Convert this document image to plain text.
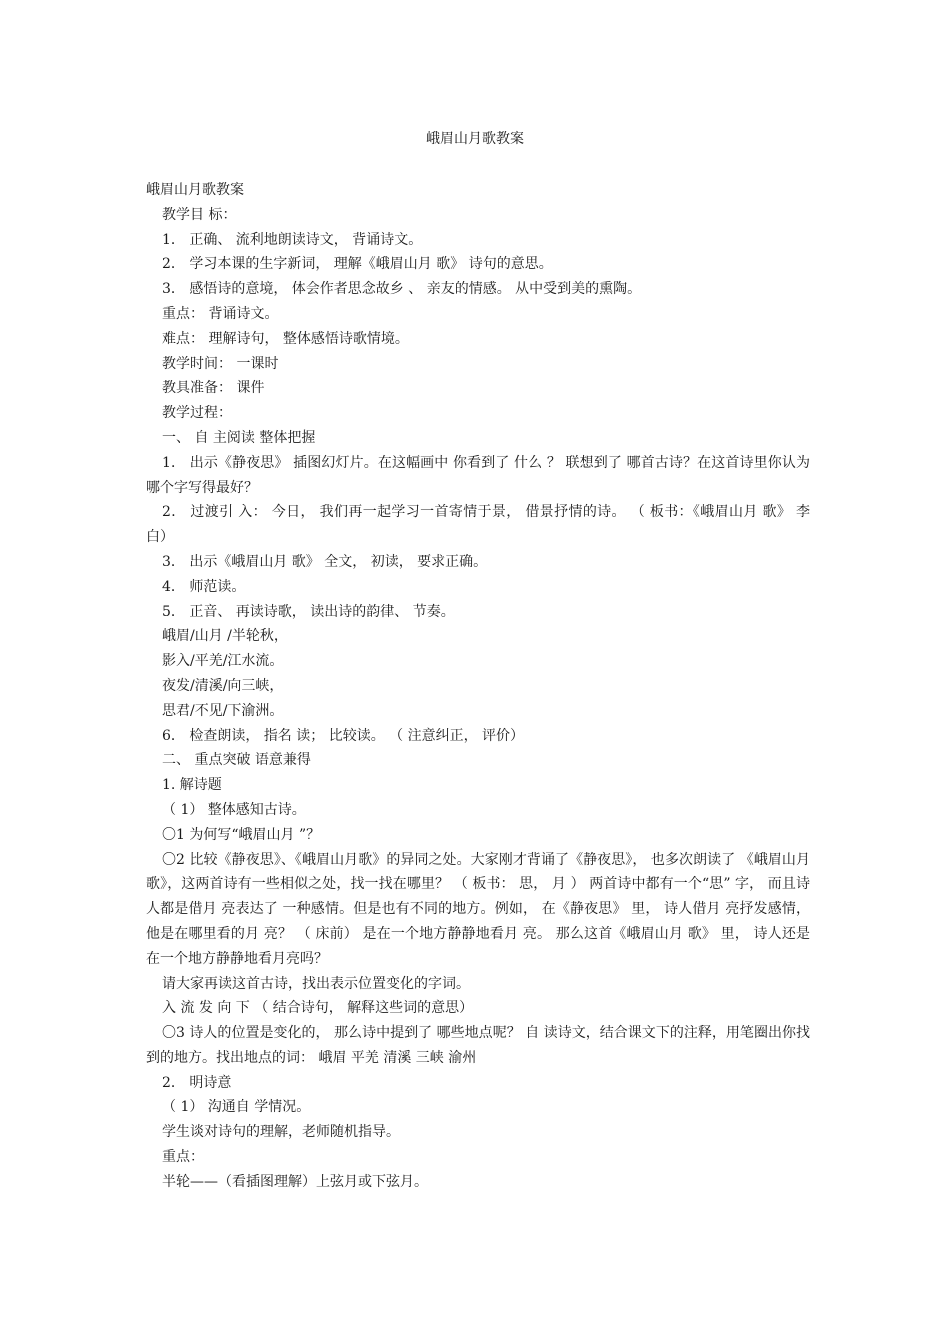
峨眉山月歌教案

峨眉山月歌教案

教学目 标：

1． 正确、 流利地朗读诗文， 背诵诗文。

2． 学习本课的生字新词， 理解《峨眉山月 歌》 诗句的意思。

3． 感悟诗的意境， 体会作者思念故乡 、 亲友的情感。 从中受到美的熏陶。

重点： 背诵诗文。

难点： 理解诗句， 整体感悟诗歌情境。

教学时间： 一课时

教具准备： 课件

教学过程：

一、 自 主阅读 整体把握

1． 出示《静夜思》 插图幻灯片。在这幅画中 你看到了 什么 ？ 联想到了 哪首古诗？在这首诗里你认为哪个字写得最好？

2． 过渡引 入： 今日， 我们再一起学习一首寄情于景， 借景抒情的诗。 （ 板书：《峨眉山月 歌》 李白）

3． 出示《峨眉山月 歌》 全文， 初读， 要求正确。

4． 师范读。

5． 正音、 再读诗歌， 读出诗的韵律、 节奏。

峨眉/山月 /半轮秋，

影入/平羌/江水流。

夜发/清溪/向三峡，

思君/不见/下渝洲。

6． 检查朗读， 指名 读； 比较读。 （ 注意纠正， 评价）

二、 重点突破 语意兼得

1. 解诗题

（ 1） 整体感知古诗。

〇1 为何写“峨眉山月 ”？

〇2 比较《静夜思》、《峨眉山月歌》的异同之处。大家刚才背诵了《静夜思》， 也多次朗读了 《峨眉山月 歌》，这两首诗有一些相似之处，找一找在哪里？ （ 板书： 思， 月 ） 两首诗中都有一个“思” 字， 而且诗人都是借月 亮表达了 一种感情。但是也有不同的地方。例如， 在《静夜思》 里， 诗人借月 亮抒发感情， 他是在哪里看的月 亮？ （ 床前） 是在一个地方静静地看月 亮。 那么这首《峨眉山月 歌》 里， 诗人还是在一个地方静静地看月亮吗？

请大家再读这首古诗，找出表示位置变化的字词。

入 流 发 向 下 （ 结合诗句， 解释这些词的意思）

〇3 诗人的位置是变化的， 那么诗中提到了 哪些地点呢？ 自 读诗文，结合课文下的注释，用笔圈出你找到的地方。找出地点的词： 峨眉 平羌 清溪 三峡 渝州

2． 明诗意

（ 1） 沟通自 学情况。

学生谈对诗句的理解，老师随机指导。

重点：

半轮——（看插图理解）上弦月或下弦月。
